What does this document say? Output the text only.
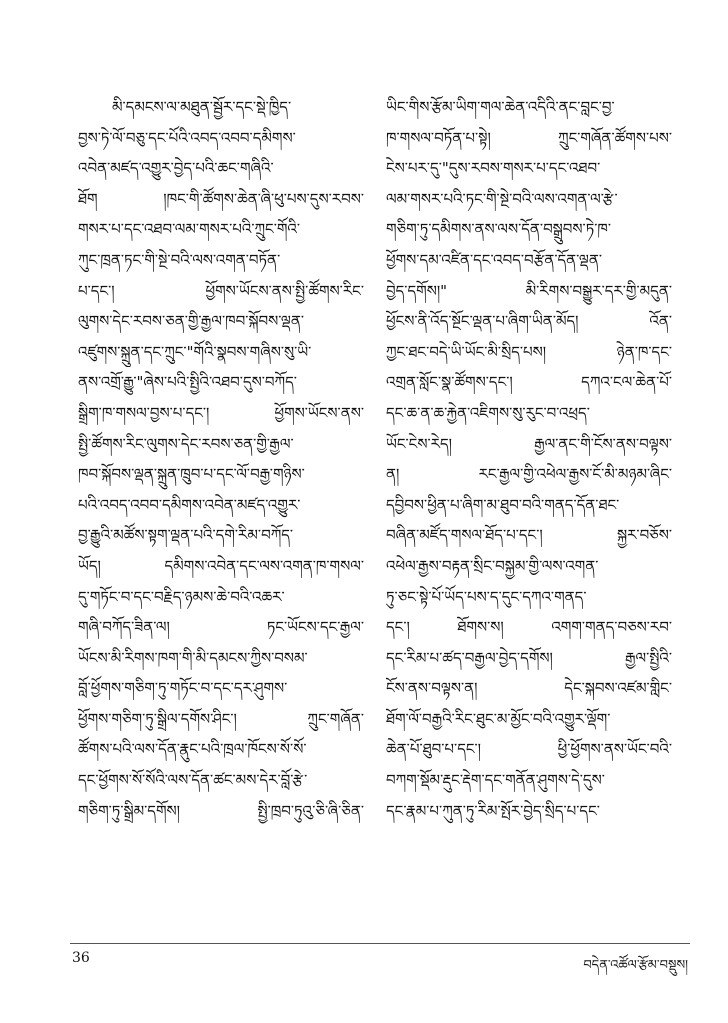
མི་དམངས་ལ་མཐུན་སྦྱོར་དང་སྡེ་ཁྱིད་
བྱས་ཏེ་ལོ་བཅུ་དང་པོའི་འབད་འབབ་དམིགས་
འབེན་མཛད་འགྱུར་བྱེད་པའི་ཆང་གཞིའི་
ཐོག །ཁང་གི་ཚོགས་ཆེན་ཞི་ཕུ་པས་དུས་རབས་
གསར་པ་དང་འཐབ་ལམ་གསར་པའི་ཀྲུང་གོའི་
ཀུང་ཁྲན་ཏང་གི་སྔེ་བའི་ལས་འགན་བཏོན་
པ་དང་། ཕྱོགས་ཡོངས་ནས་སྤྱི་ཚོགས་རིང་
ལུགས་དེང་རབས་ཅན་གྱི་རྒྱལ་ཁབ་སྐོབས་ལྡན་
འཛུགས་སྐྲུན་དང་ཀྲུང་"གོའི་སྣབས་གཞིས་སུ་ཡི་
ནས་འགྲོ་རྒྱུ་"ཞེས་པའི་སྤྱིའི་འཐབ་དུས་བཀོད་
སྒྲིག་ཁ་གསལ་བྱས་པ་དང་། ཕྱོགས་ཡོངས་ནས་
སྤྱི་ཚོགས་རིང་ལུགས་དེང་རབས་ཅན་གྱི་རྒྱལ་
ཁབ་སྐོབས་ལྡན་སྐྲུན་ཁྲུབ་པ་དང་ལོ་བརྒྱ་གཉིས་
པའི་འབད་འབབ་དམིགས་འབེན་མཛད་འགྱུར་
བྱ་རྒྱུའི་མཚོས་སྟག་ལྡན་པའི་དགེ་རིམ་བཀོད་
ཡོད། དམིགས་འབེན་དང་ལས་འགན་ཁ་གསལ་
དུ་གཏོང་བ་དང་བརྗིད་ཉམས་ཆེ་བའི་འཆར་
གཞི་བཀོད་ཟིན་ལ། ཏང་ཡོངས་དང་རྒྱལ་
ཡོངས་མི་རིགས་ཁག་གི་མི་དམངས་ཀྱིས་བསམ་
བློ་ཕྱོགས་གཅིག་ཏུ་གཏོང་བ་དང་དར་ཤུགས་
ཕྱོགས་གཅིག་ཏུ་སྒྲིལ་དགོས་ཤིང་། ཀྲུང་གཞོན་
ཚོགས་པའི་ལས་དོན་རྣུང་པའི་ཁྲལ་ཁོངས་སོ་སོ་
དང་ཕྱོགས་སོ་སོའི་ལས་དོན་ཚང་མས་དེར་བློ་རྩེ་
གཅིག་ཏུ་སྒྲིམ་དགོས། སྤྱི་ཁྲབ་ཏུའུ་ཅི་ཞི་ཅིན་
ཡིང་གིས་རྩོམ་ཡིག་གལ་ཆེན་འདིའི་ནང་བླང་བྱ་
ཁ་གསལ་བཏོན་པ་སྟེ། ཀྲུང་གཞོན་ཚོགས་པས་
ངེས་པར་དུ་"དུས་རབས་གསར་པ་དང་འཐབ་
ལམ་གསར་པའི་ཏང་གི་སྔེ་བའི་ལས་འགན་ལ་རྩེ་
གཅིག་ཏུ་དམིགས་ནས་ལས་དོན་བསྒྲུབས་ཏེ་ཁ་
ཕྱོགས་དམ་འཛིན་དང་འབད་བརྩོན་དོན་ལྡན་
བྱེད་དགོས།" མི་རིགས་བསྒྱུར་དར་གྱི་མདུན་
ཕྱོངས་ནི་འོད་སྔོང་ལྡན་པ་ཞིག་ཡིན་མོད། འོན་
ཀྱང་ཐང་བདེ་ཡི་ཡོང་མི་སྲིད་པས། ཉེན་ཁ་དང་
འགྲན་སློང་སྣ་ཚོགས་དང་། དཀའ་ངལ་ཆེན་པོ་
དང་ཆ་ན་ཆ་རྐྱེན་འཇིགས་སུ་རུང་བ་འཕྲད་
ཡོང་ངེས་རེད། རྒྱལ་ནང་གི་ངོས་ནས་བལྟས་
ན། རང་རྒྱལ་གྱི་འཕེལ་རྒྱས་ངོ་མི་མཉམ་ཞིང་
དབྱིབས་ཕྱིན་པ་ཞིག་མ་ཐུབ་བའི་གནད་དོན་ཐང་
བཞིན་མཛོད་གསལ་ཐོད་པ་དང་། སྐྱར་བཅོས་
འཕེལ་རྒྱས་བརྟན་སྲིང་བསྐྱམ་གྱི་ལས་འགན་
ཏུ་ཅང་སྟེ་པོ་ཡོད་པས་ད་དུང་དཀའ་གནད་
དང་། ཐོགས་ས། འགག་གནད་བཅས་རབ་
དང་རིམ་པ་ཚད་བརྒྱལ་བྱེད་དགོས། རྒྱལ་སྤྱིའི་
ངོས་ནས་བལྟས་ན། དེང་སྐབས་འཛམ་གླིང་
ཐོག་ལོ་བརྒྱའི་རིང་ཐུང་མ་མྱོང་བའི་འགྱུར་ལྡོག་
ཆེན་པོ་ཐུབ་པ་དང་། ཕྱི་ཕྱོགས་ནས་ཡོང་བའི་
བཀག་སྡོམ་རྡུང་རྡེག་དང་གནོན་ཤུགས་དེ་དུས་
དང་རྣམ་པ་ཀུན་ཏུ་རིམ་སྤོར་བྱེད་སྲིད་པ་དང་
36	བདེན་འཚོལ་རྩོམ་བསྡུས།
